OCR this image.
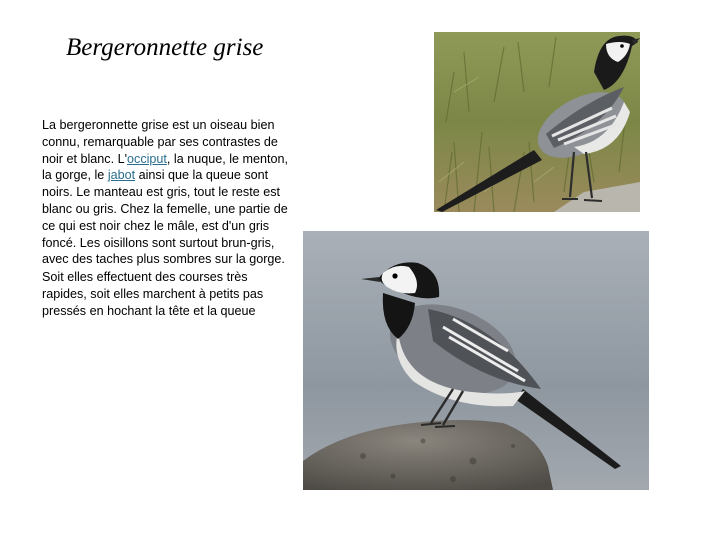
Bergeronnette grise

La bergeronnette grise est un oiseau bien connu, remarquable par ses contrastes de noir et blanc. L'occiput, la nuque, le menton, la gorge, le jabot ainsi que la queue sont noirs. Le manteau est gris, tout le reste est blanc ou gris. Chez la femelle, une partie de ce qui est noir chez le mâle, est d'un gris foncé. Les oisillons sont surtout brun-gris, avec des taches plus sombres sur la gorge.

Soit elles effectuent des courses très rapides, soit elles marchent à petits pas pressés en hochant la tête et la queue
